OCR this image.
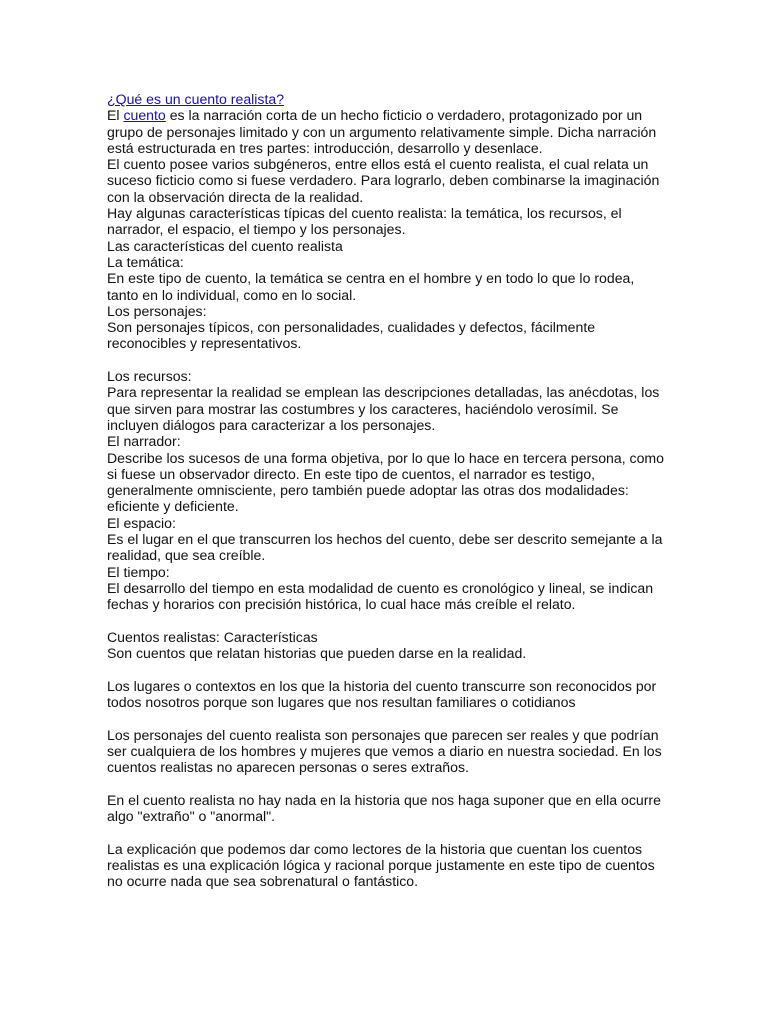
¿Qué es un cuento realista?

El cuento es la narración corta de un hecho ficticio o verdadero, protagonizado por un grupo de personajes limitado y con un argumento relativamente simple. Dicha narración está estructurada en tres partes: introducción, desarrollo y desenlace.

El cuento posee varios subgéneros, entre ellos está el cuento realista, el cual relata un suceso ficticio como si fuese verdadero. Para lograrlo, deben combinarse la imaginación con la observación directa de la realidad.

Hay algunas características típicas del cuento realista: la temática, los recursos, el narrador, el espacio, el tiempo y los personajes.

Las características del cuento realista

La temática:

En este tipo de cuento, la temática se centra en el hombre y en todo lo que lo rodea, tanto en lo individual, como en lo social.

Los personajes:

Son personajes típicos, con personalidades, cualidades y defectos, fácilmente reconocibles y representativos.

Los recursos:

Para representar la realidad se emplean las descripciones detalladas, las anécdotas, los que sirven para mostrar las costumbres y los caracteres, haciéndolo verosímil. Se incluyen diálogos para caracterizar a los personajes.

El narrador:

Describe los sucesos de una forma objetiva, por lo que lo hace en tercera persona, como si fuese un observador directo. En este tipo de cuentos, el narrador es testigo, generalmente omnisciente, pero también puede adoptar las otras dos modalidades: eficiente y deficiente.

El espacio:

Es el lugar en el que transcurren los hechos del cuento, debe ser descrito semejante a la realidad, que sea creíble.

El tiempo:

El desarrollo del tiempo en esta modalidad de cuento es cronológico y lineal, se indican fechas y horarios con precisión histórica, lo cual hace más creíble el relato.

Cuentos realistas: Características

Son cuentos que relatan historias que pueden darse en la realidad.

Los lugares o contextos en los que la historia del cuento transcurre son reconocidos por todos nosotros porque son lugares que nos resultan familiares o cotidianos

Los personajes del cuento realista son personajes que parecen ser reales y que podrían ser cualquiera de los hombres y mujeres que vemos a diario en nuestra sociedad. En los cuentos realistas no aparecen personas o seres extraños.

En el cuento realista no hay nada en la historia que nos haga suponer que en ella ocurre algo "extraño" o "anormal".

La explicación que podemos dar como lectores de la historia que cuentan los cuentos realistas es una explicación lógica y racional porque justamente en este tipo de cuentos no ocurre nada que sea sobrenatural o fantástico.
